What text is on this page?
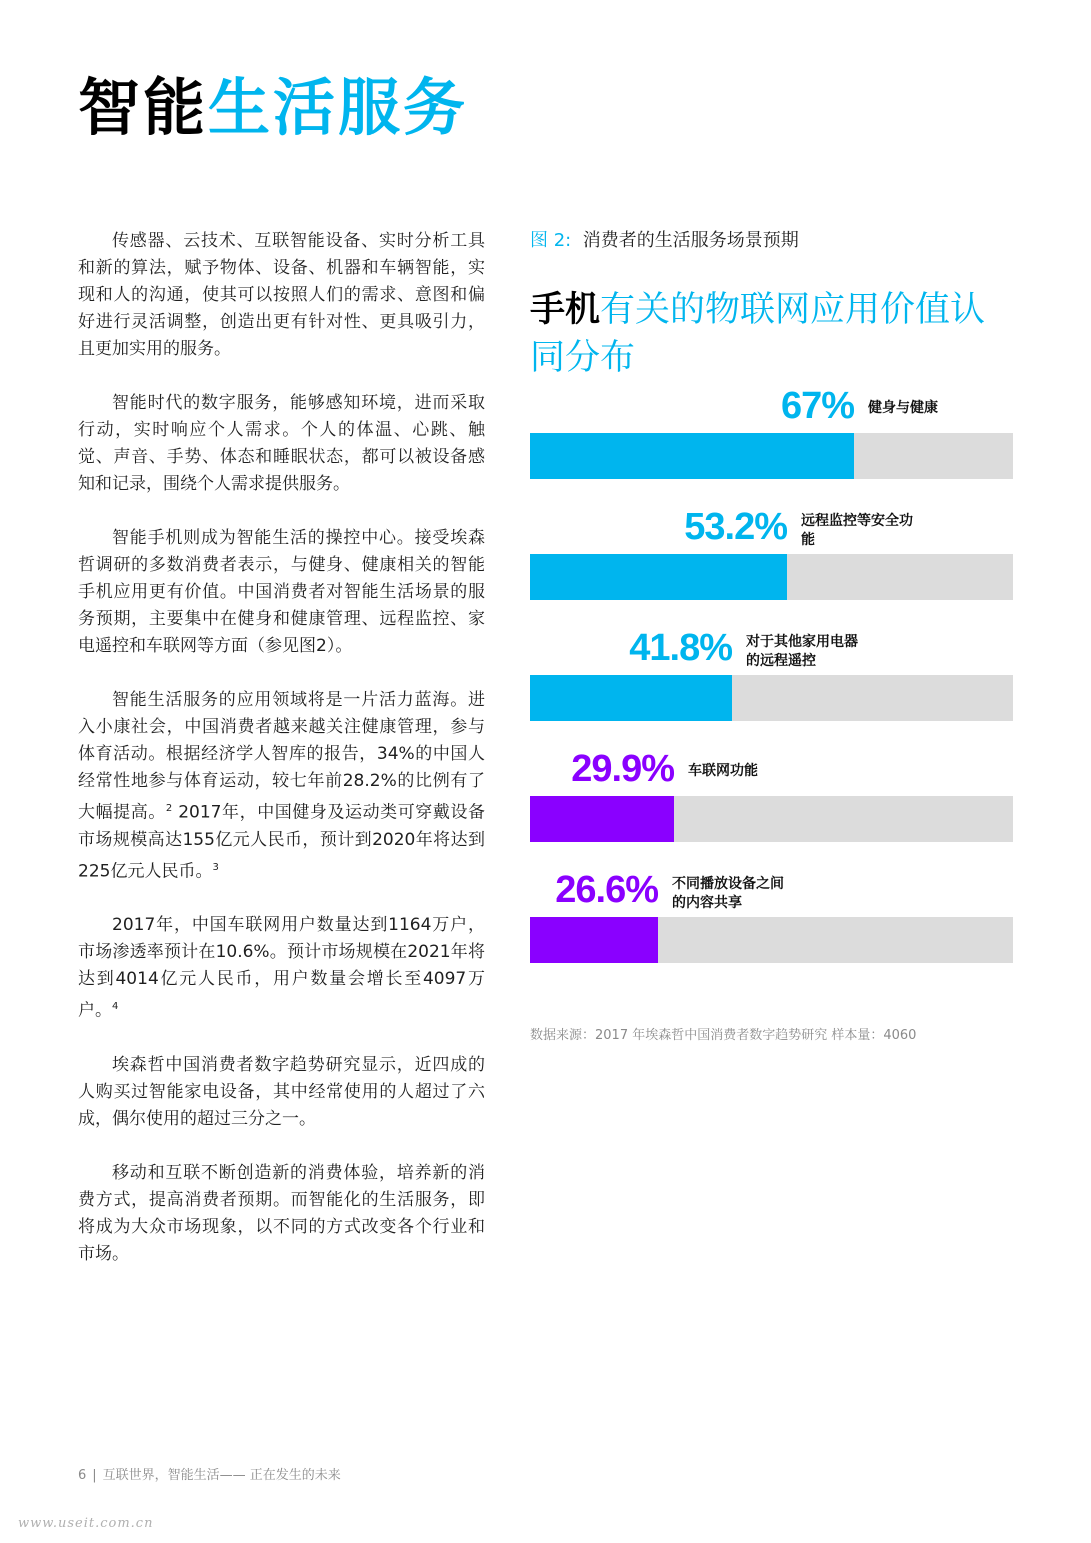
智能生活服务

传感器、云技术、互联智能设备、实时分析工具和新的算法，赋予物体、设备、机器和车辆智能，实现和人的沟通，使其可以按照人们的需求、意图和偏好进行灵活调整，创造出更有针对性、更具吸引力，且更加实用的服务。

智能时代的数字服务，能够感知环境，进而采取行动，实时响应个人需求。个人的体温、心跳、触觉、声音、手势、体态和睡眠状态，都可以被设备感知和记录，围绕个人需求提供服务。

智能手机则成为智能生活的操控中心。接受埃森哲调研的多数消费者表示，与健身、健康相关的智能手机应用更有价值。中国消费者对智能生活场景的服务预期，主要集中在健身和健康管理、远程监控、家电遥控和车联网等方面（参见图2）。

智能生活服务的应用领域将是一片活力蓝海。进入小康社会，中国消费者越来越关注健康管理，参与体育活动。根据经济学人智库的报告，34%的中国人经常性地参与体育运动，较七年前28.2%的比例有了大幅提高。$^2$ 2017年，中国健身及运动类可穿戴设备市场规模高达155亿元人民币，预计到2020年将达到225亿元人民币。$^3$

2017年，中国车联网用户数量达到1164万户，市场渗透率预计在10.6%。预计市场规模在2021年将达到4014亿元人民币，用户数量会增长至4097万户。$^4$

埃森哲中国消费者数字趋势研究显示，近四成的人购买过智能家电设备，其中经常使用的人超过了六成，偶尔使用的超过三分之一。

移动和互联不断创造新的消费体验，培养新的消费方式，提高消费者预期。而智能化的生活服务，即将成为大众市场现象，以不同的方式改变各个行业和市场。

图 2: 消费者的生活服务场景预期
手机有关的物联网应用价值认同分布
67% 健身与健康
53.2% 远程监控等安全功能
41.8% 对于其他家用电器的远程遥控
29.9% 车联网功能
26.6% 不同播放设备之间的内容共享
数据来源：2017 年埃森哲中国消费者数字趋势研究 样本量：4060
6 | 互联世界，智能生活—— 正在发生的未来
www.useit.com.cn
